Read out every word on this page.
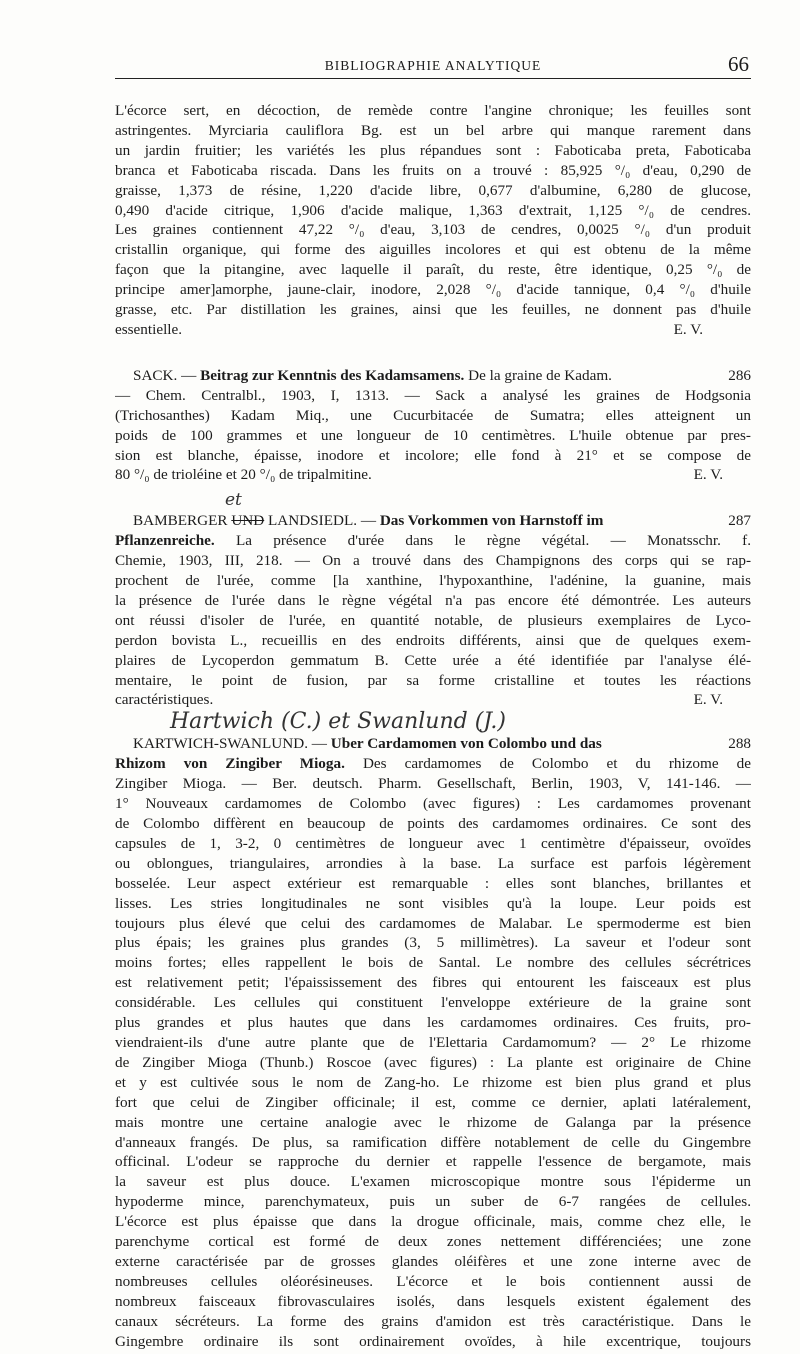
BIBLIOGRAPHIE ANALYTIQUE	66

L'écorce sert, en décoction, de remède contre l'angine chronique; les feuilles sont
astringentes. Myrciaria cauliflora Bg. est un bel arbre qui manque rarement dans
un jardin fruitier; les variétés les plus répandues sont : Faboticaba preta, Faboticaba
branca et Faboticaba riscada. Dans les fruits on a trouvé : 85,925 °/₀ d'eau, 0,290 de
graisse, 1,373 de résine, 1,220 d'acide libre, 0,677 d'albumine, 6,280 de glucose,
0,490 d'acide citrique, 1,906 d'acide malique, 1,363 d'extrait, 1,125 °/₀ de cendres.
Les graines contiennent 47,22 °/₀ d'eau, 3,103 de cendres, 0,0025 °/₀ d'un produit
cristallin organique, qui forme des aiguilles incolores et qui est obtenu de la même
façon que la pitangine, avec laquelle il paraît, du reste, être identique, 0,25 °/₀ de
principe amer]amorphe, jaune-clair, inodore, 2,028 °/₀ d'acide tannique, 0,4 °/₀ d'huile
grasse, etc. Par distillation les graines, ainsi que les feuilles, ne donnent pas d'huile
essentielle.	E. V.

SACK. — Beitrag zur Kenntnis des Kadamsamens. De la graine de Kadam.	286
— Chem. Centralbl., 1903, I, 1313. — Sack a analysé les graines de Hodgsonia
(Trichosanthes) Kadam Miq., une Cucurbitacée de Sumatra; elles atteignent un
poids de 100 grammes et une longueur de 10 centimètres. L'huile obtenue par pres-
sion est blanche, épaisse, inodore et incolore; elle fond à 21° et se compose de
80 °/₀ de trioléine et 20 °/₀ de tripalmitine.	E. V.
et
BAMBERGER UND LANDSIEDL. — Das Vorkommen von Harnstoff im	287
Pflanzenreiche. La présence d'urée dans le règne végétal. — Monatsschr. f.
Chemie, 1903, III, 218. — On a trouvé dans des Champignons des corps qui se rap-
prochent de l'urée, comme [la xanthine, l'hypoxanthine, l'adénine, la guanine, mais
la présence de l'urée dans le règne végétal n'a pas encore été démontrée. Les auteurs
ont réussi d'isoler de l'urée, en quantité notable, de plusieurs exemplaires de Lyco-
perdon bovista L., recueillis en des endroits différents, ainsi que de quelques exem-
plaires de Lycoperdon gemmatum B. Cette urée a été identifiée par l'analyse élé-
mentaire, le point de fusion, par sa forme cristalline et toutes les réactions
caractéristiques.	E. V.
Hartwich (C.) et Swanlund (J.)
KARTWICH-SWANLUND. — Uber Cardamomen von Colombo und das	288
Rhizom von Zingiber Mioga. Des cardamomes de Colombo et du rhizome de
Zingiber Mioga. — Ber. deutsch. Pharm. Gesellschaft, Berlin, 1903, V, 141-146. —
1° Nouveaux cardamomes de Colombo (avec figures) : Les cardamomes provenant
de Colombo diffèrent en beaucoup de points des cardamomes ordinaires. Ce sont des
capsules de 1, 3-2, 0 centimètres de longueur avec 1 centimètre d'épaisseur, ovoïdes
ou oblongues, triangulaires, arrondies à la base. La surface est parfois légèrement
bosselée. Leur aspect extérieur est remarquable : elles sont blanches, brillantes et
lisses. Les stries longitudinales ne sont visibles qu'à la loupe. Leur poids est
toujours plus élevé que celui des cardamomes de Malabar. Le spermoderme est bien
plus épais; les graines plus grandes (3, 5 millimètres). La saveur et l'odeur sont
moins fortes; elles rappellent le bois de Santal. Le nombre des cellules sécrétrices
est relativement petit; l'épaississement des fibres qui entourent les faisceaux est plus
considérable. Les cellules qui constituent l'enveloppe extérieure de la graine sont
plus grandes et plus hautes que dans les cardamomes ordinaires. Ces fruits, pro-
viendraient-ils d'une autre plante que de l'Elettaria Cardamomum? — 2° Le rhizome
de Zingiber Mioga (Thunb.) Roscoe (avec figures) : La plante est originaire de Chine
et y est cultivée sous le nom de Zang-ho. Le rhizome est bien plus grand et plus
fort que celui de Zingiber officinale; il est, comme ce dernier, aplati latéralement,
mais montre une certaine analogie avec le rhizome de Galanga par la présence
d'anneaux frangés. De plus, sa ramification diffère notablement de celle du Gingembre
officinal. L'odeur se rapproche du dernier et rappelle l'essence de bergamote, mais
la saveur est plus douce. L'examen microscopique montre sous l'épiderme un
hypoderme mince, parenchymateux, puis un suber de 6-7 rangées de cellules.
L'écorce est plus épaisse que dans la drogue officinale, mais, comme chez elle, le
parenchyme cortical est formé de deux zones nettement différenciées; une zone
externe caractérisée par de grosses glandes oléifères et une zone interne avec de
nombreuses cellules oléorésineuses. L'écorce et le bois contiennent aussi de
nombreux faisceaux fibrovasculaires isolés, dans lesquels existent également des
canaux sécréteurs. La forme des grains d'amidon est très caractéristique. Dans le
Gingembre ordinaire ils sont ordinairement ovoïdes, à hile excentrique, toujours
